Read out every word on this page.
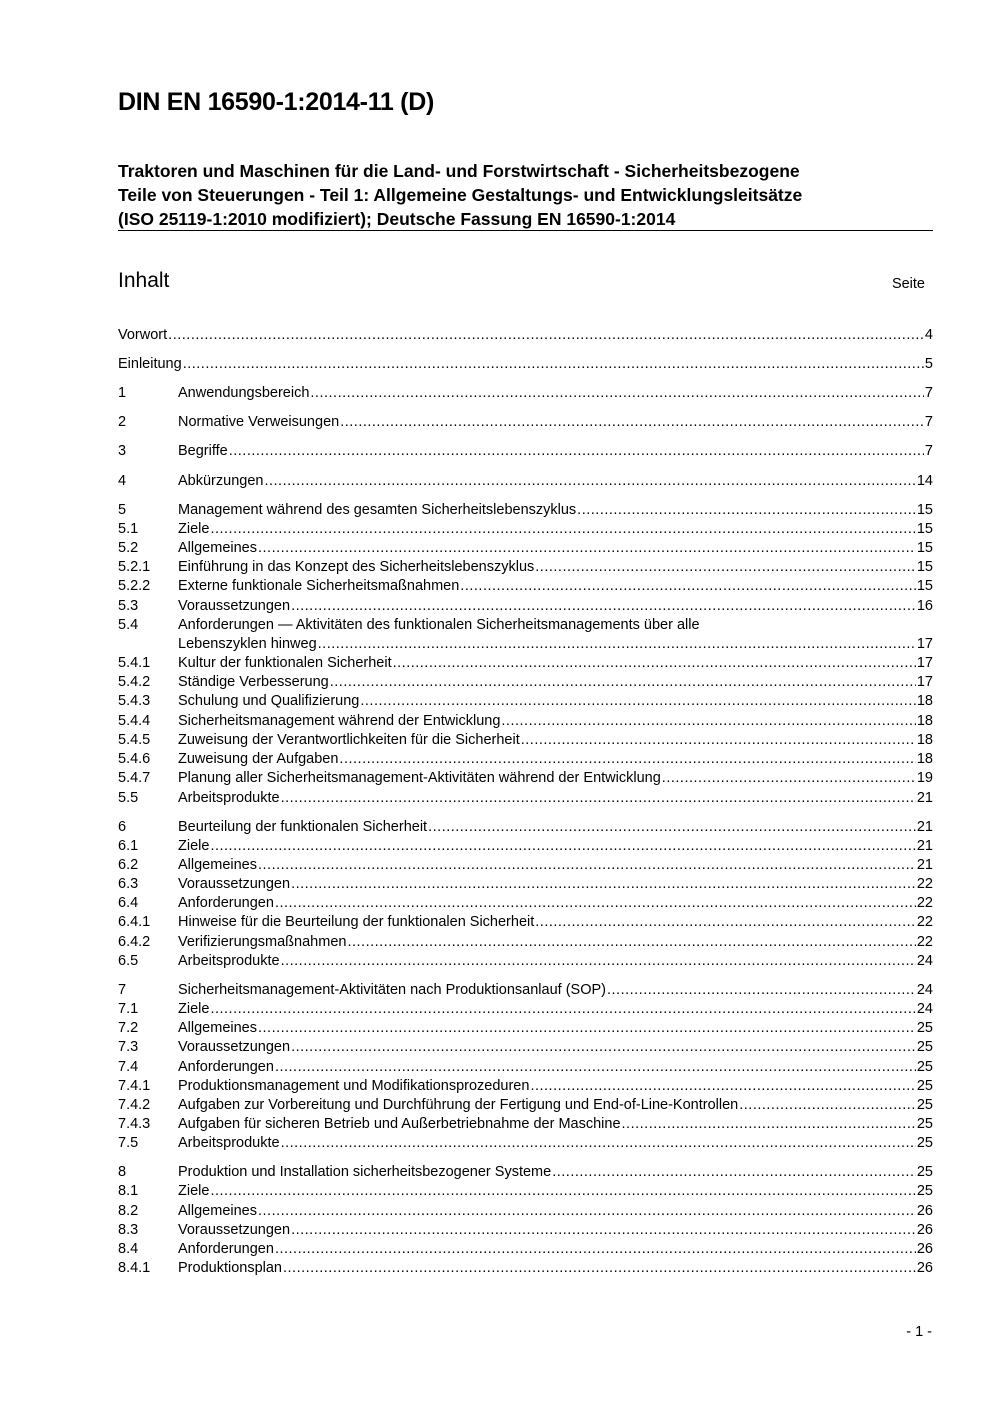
DIN EN 16590-1:2014-11 (D)
Traktoren und Maschinen für die Land- und Forstwirtschaft - Sicherheitsbezogene
Teile von Steuerungen - Teil 1: Allgemeine Gestaltungs- und Entwicklungsleitsätze
(ISO 25119-1:2010 modifiziert); Deutsche Fassung EN 16590-1:2014
Inhalt	Seite
Vorwort .....	4
Einleitung .....	5
1	Anwendungsbereich .....	7
2	Normative Verweisungen .....	7
3	Begriffe .....	7
4	Abkürzungen .....	14
5	Management während des gesamten Sicherheitslebenszyklus .....	15
5.1	Ziele .....	15
5.2	Allgemeines .....	15
5.2.1	Einführung in das Konzept des Sicherheitslebenszyklus .....	15
5.2.2	Externe funktionale Sicherheitsmaßnahmen .....	15
5.3	Voraussetzungen .....	16
5.4	Anforderungen — Aktivitäten des funktionalen Sicherheitsmanagements über alle
Lebenszyklen hinweg .....	17
5.4.1	Kultur der funktionalen Sicherheit .....	17
5.4.2	Ständige Verbesserung .....	17
5.4.3	Schulung und Qualifizierung .....	18
5.4.4	Sicherheitsmanagement während der Entwicklung .....	18
5.4.5	Zuweisung der Verantwortlichkeiten für die Sicherheit .....	18
5.4.6	Zuweisung der Aufgaben .....	18
5.4.7	Planung aller Sicherheitsmanagement-Aktivitäten während der Entwicklung .....	19
5.5	Arbeitsprodukte .....	21
6	Beurteilung der funktionalen Sicherheit .....	21
6.1	Ziele .....	21
6.2	Allgemeines .....	21
6.3	Voraussetzungen .....	22
6.4	Anforderungen .....	22
6.4.1	Hinweise für die Beurteilung der funktionalen Sicherheit .....	22
6.4.2	Verifizierungsmaßnahmen .....	22
6.5	Arbeitsprodukte .....	24
7	Sicherheitsmanagement-Aktivitäten nach Produktionsanlauf (SOP) .....	24
7.1	Ziele .....	24
7.2	Allgemeines .....	25
7.3	Voraussetzungen .....	25
7.4	Anforderungen .....	25
7.4.1	Produktionsmanagement und Modifikationsprozeduren .....	25
7.4.2	Aufgaben zur Vorbereitung und Durchführung der Fertigung und End-of-Line-Kontrollen .....	25
7.4.3	Aufgaben für sicheren Betrieb und Außerbetriebnahme der Maschine .....	25
7.5	Arbeitsprodukte .....	25
8	Produktion und Installation sicherheitsbezogener Systeme .....	25
8.1	Ziele .....	25
8.2	Allgemeines .....	26
8.3	Voraussetzungen .....	26
8.4	Anforderungen .....	26
8.4.1	Produktionsplan .....	26
- 1 -
